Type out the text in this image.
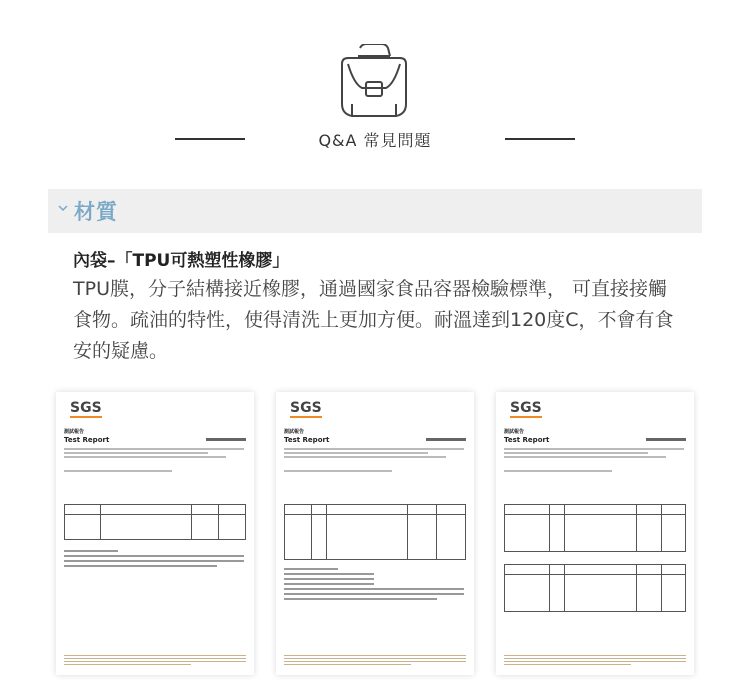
Q&A 常見問題
材質
內袋–「TPU可熱塑性橡膠」
TPU膜，分子結構接近橡膠，通過國家食品容器檢驗標準， 可直接接觸食物。疏油的特性，使得清洗上更加方便。耐溫達到120度C，不會有食安的疑慮。
SGS
測試報告
Test Report

SGS
測試報告
Test Report

SGS
測試報告
Test Report
